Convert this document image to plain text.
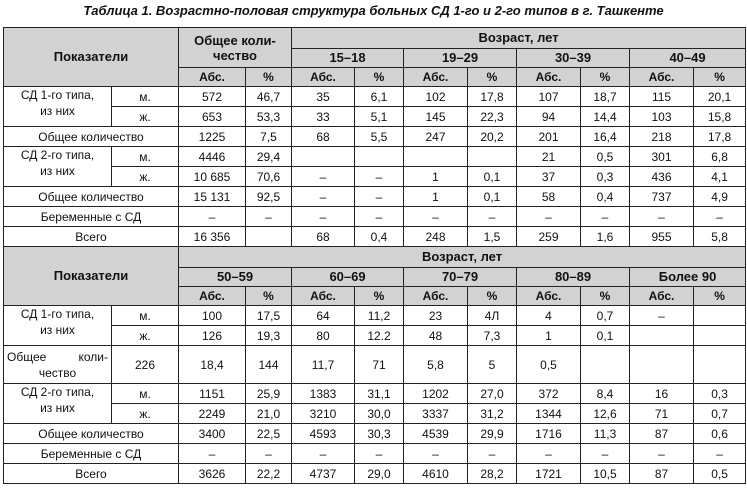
Таблица 1. Возрастно-половая структура больных СД 1-го и 2-го типов в г. Ташкенте
Показатели		Общее коли-
чество		Возраст, лет							
				15–18		19–29		30–39		40–49	
		Абс.	%	Абс.	%	Абс.	%	Абс.	%	Абс.	%
СД 1-го типа,
из них	м.	572	46,7	35	6,1	102	17,8	107	18,7	115	20,1
	ж.	653	53,3	33	5,1	145	22,3	94	14,4	103	15,8
Общее количество		1225	7,5	68	5,5	247	20,2	201	16,4	218	17,8
СД 2-го типа,
из них	м.	4446	29,4					21	0,5	301	6,8
	ж.	10 685	70,6	–	–	1	0,1	37	0,3	436	4,1
Общее количество		15 131	92,5	–	–	1	0,1	58	0,4	737	4,9
Беременные с СД		–	–	–	–	–	–	–	–	–	–
Всего		16 356		68	0,4	248	1,5	259	1,6	955	5,8
Показатели		Возраст, лет									
		50–59		60–69		70–79		80–89		Более 90	
		Абс.	%	Абс.	%	Абс.	%	Абс.	%	Абс.	%
СД 1-го типа,
из них	м.	100	17,5	64	11,2	23	4Л	4	0,7	–	
	ж.	126	19,3	80	12.2	48	7,3	1	0,1		

Общее коли-
чество	226	18,4	144	11,7	71	5,8	5	0,5			
СД 2-го типа,
из них	м.	1151	25,9	1383	31,1	1202	27,0	372	8,4	16	0,3
	ж.	2249	21,0	3210	30,0	3337	31,2	1344	12,6	71	0,7
Общее количество		3400	22,5	4593	30,3	4539	29,9	1716	11,3	87	0,6
Беременные с СД		–	–	–	–	–	–	–	–	–	–
Всего		3626	22,2	4737	29,0	4610	28,2	1721	10,5	87	0,5
